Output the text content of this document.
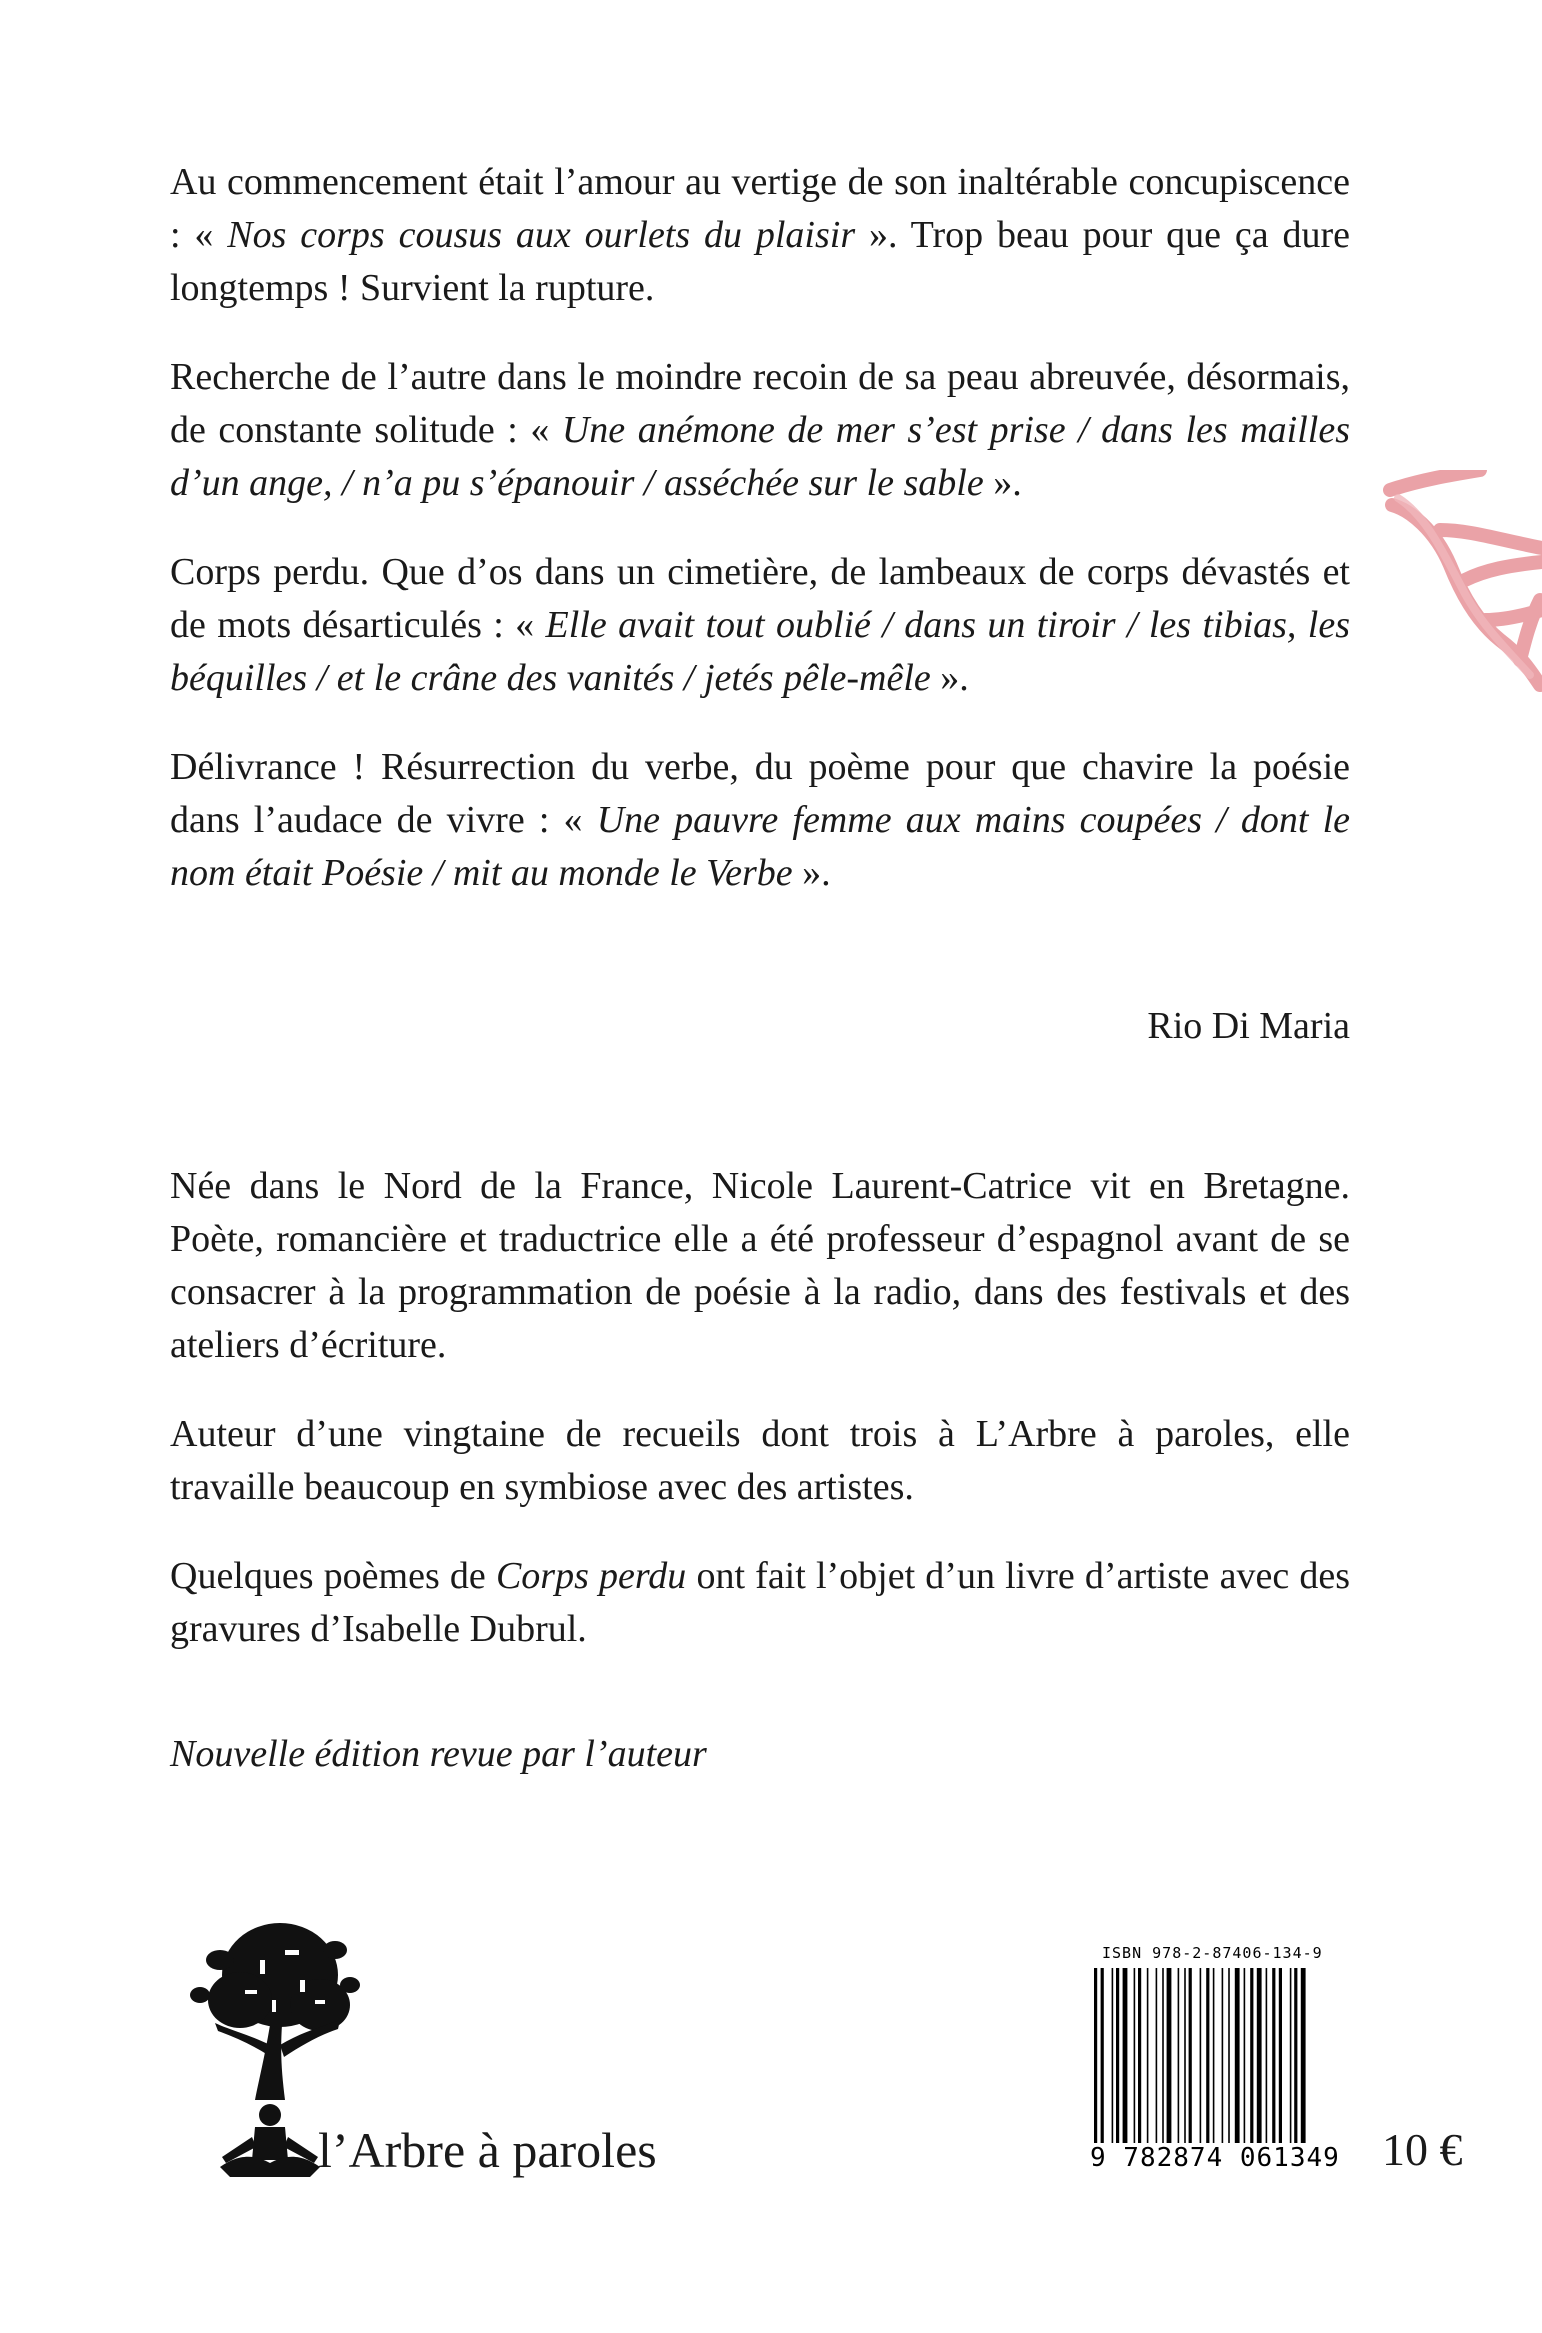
Au commencement était l’amour au vertige de son inaltérable concupiscence : « Nos corps cousus aux ourlets du plaisir ». Trop beau pour que ça dure longtemps ! Survient la rupture.

Recherche de l’autre dans le moindre recoin de sa peau abreuvée, désormais, de constante solitude : « Une anémone de mer s’est prise / dans les mailles d’un ange, / n’a pu s’épanouir / asséchée sur le sable ».

Corps perdu. Que d’os dans un cimetière, de lambeaux de corps dévastés et de mots désarticulés : « Elle avait tout oublié / dans un tiroir / les tibias, les béquilles / et le crâne des vanités / jetés pêle-mêle ».

Délivrance ! Résurrection du verbe, du poème pour que chavire la poésie dans l’audace de vivre : « Une pauvre femme aux mains coupées / dont le nom était Poésie / mit au monde le Verbe ».

Rio Di Maria

Née dans le Nord de la France, Nicole Laurent-Catrice vit en Bretagne. Poète, romancière et traductrice elle a été professeur d’espagnol avant de se consacrer à la programmation de poésie à la radio, dans des festivals et des ateliers d’écriture.

Auteur d’une vingtaine de recueils dont trois à L’Arbre à paroles, elle travaille beaucoup en symbiose avec des artistes.

Quelques poèmes de Corps perdu ont fait l’objet d’un livre d’artiste avec des gravures d’Isabelle Dubrul.

Nouvelle édition revue par l’auteur
l’Arbre à paroles
ISBN 978-2-87406-134-9
9 782874 061349 10 €
